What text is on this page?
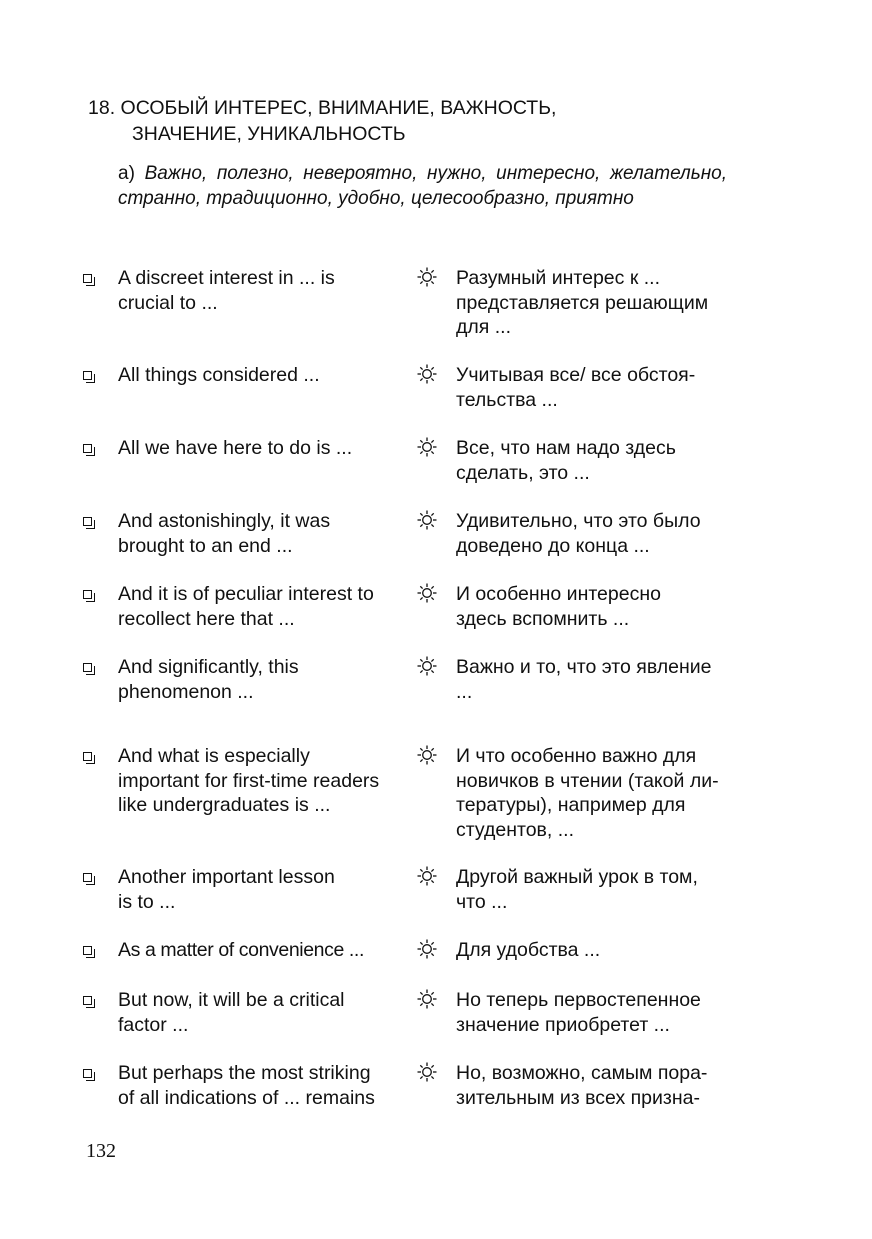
18. ОСОБЫЙ ИНТЕРЕС, ВНИМАНИЕ, ВАЖНОСТЬ,
ЗНАЧЕНИЕ, УНИКАЛЬНОСТЬ
а) Важно, полезно, невероятно, нужно, интересно, желательно, странно, традиционно, удобно, целесообразно, приятно
A discreet interest in ... is
crucial to ...
Разумный интерес к ...
представляется решающим
для ...
All things considered ...	Учитывая все/ все обстоя-
тельства ...
All we have here to do is ...	Все, что нам надо здесь
сделать, это ...
And astonishingly, it was
brought to an end ...
Удивительно, что это было
доведено до конца ...
And it is of peculiar interest to
recollect here that ...
И особенно интересно
здесь вспомнить ...
And significantly, this
phenomenon ...
Важно и то, что это явление
...
And what is especially
important for first-time readers
like undergraduates is ...
И что особенно важно для
новичков в чтении (такой ли-
тературы), например для
студентов, ...
Another important lesson
is to ...
Другой важный урок в том,
что ...
As a matter of convenience ...	Для удобства ...
But now, it will be a critical
factor ...
Но теперь первостепенное
значение приобретет ...
But perhaps the most striking
of all indications of ... remains
Но, возможно, самым пора-
зительным из всех призна-
132
